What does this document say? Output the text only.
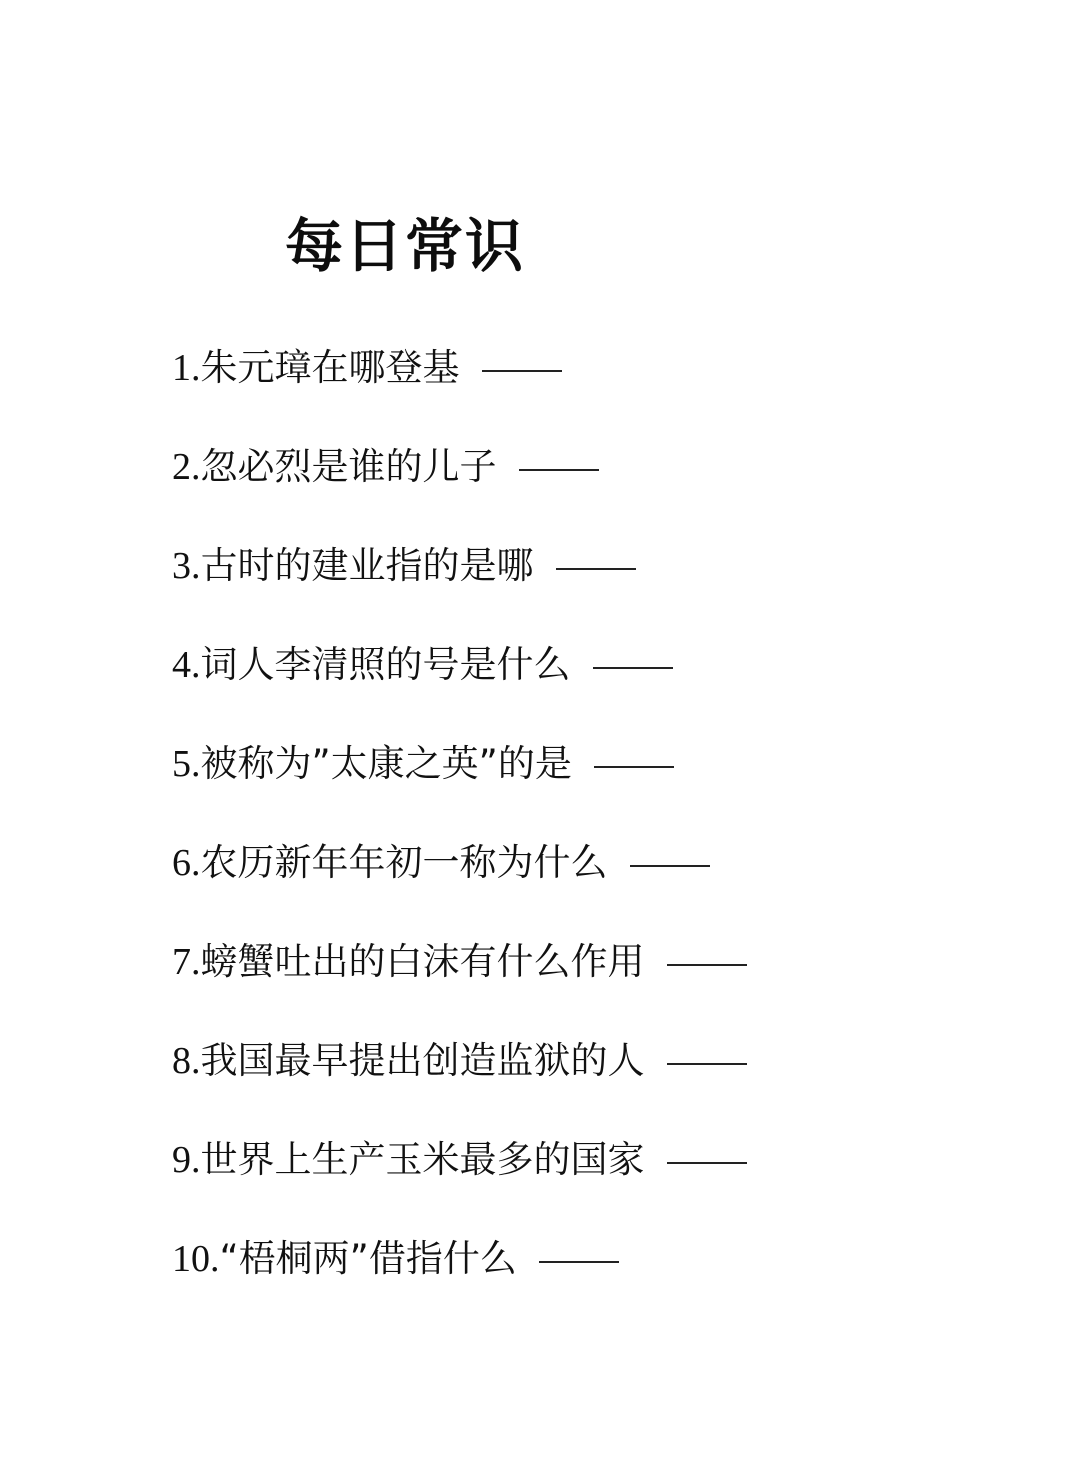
每日常识
1. 朱元璋在哪登基
2. 忽必烈是谁的儿子
3. 古时的建业指的是哪
4. 词人李清照的号是什么
5. 被称为”太康之英”的是
6. 农历新年年初一称为什么
7. 螃蟹吐出的白沫有什么作用
8. 我国最早提出创造监狱的人
9. 世界上生产玉米最多的国家
10. “梧桐两”借指什么
